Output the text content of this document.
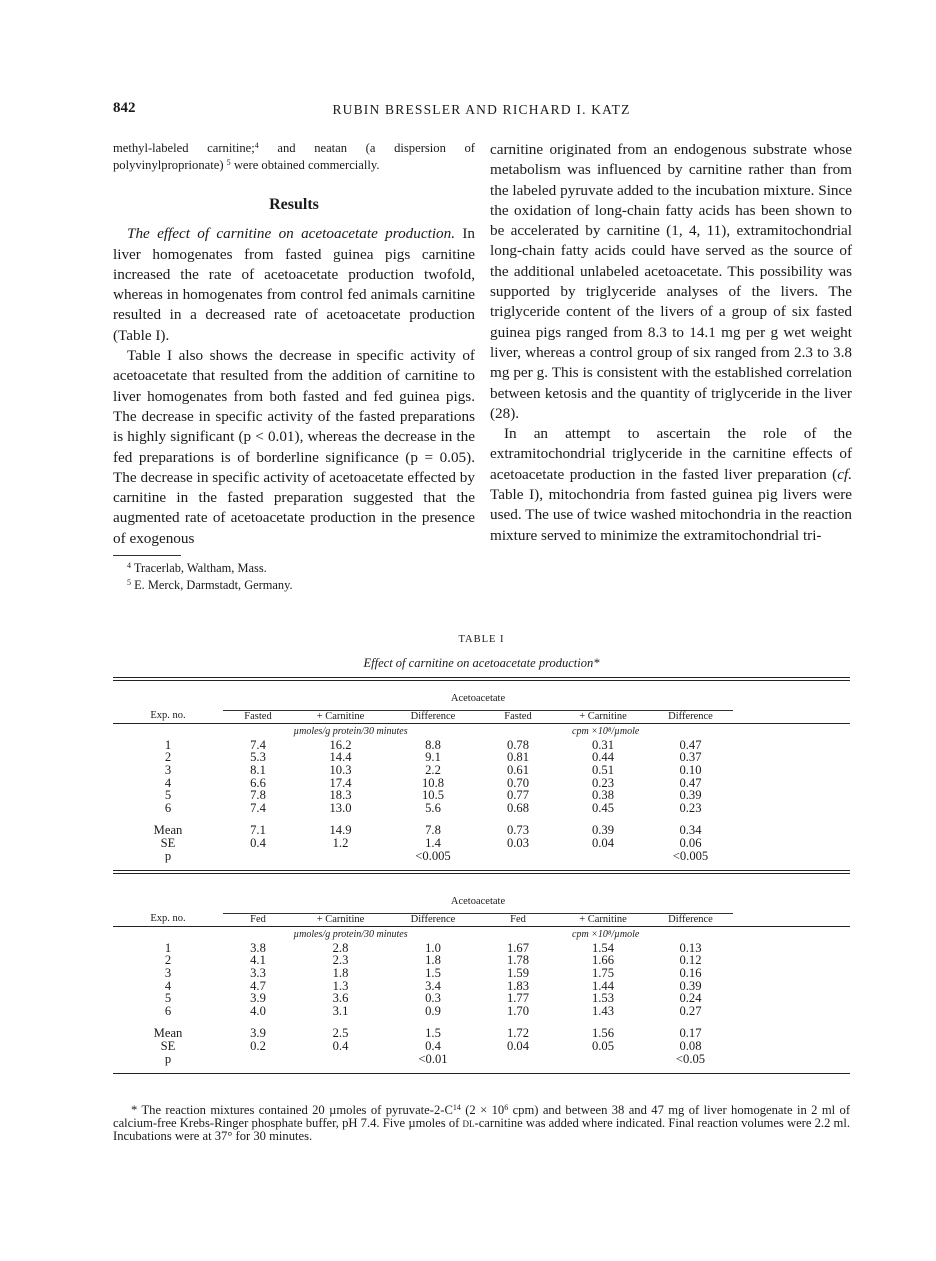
842	RUBIN BRESSLER AND RICHARD I. KATZ

methyl-labeled carnitine;$^4$ and neatan (a dispersion of polyvinylproprionate) $^5$ were obtained commercially.

Results

The effect of carnitine on acetoacetate production. In liver homogenates from fasted guinea pigs carnitine increased the rate of acetoacetate production twofold, whereas in homogenates from control fed animals carnitine resulted in a decreased rate of acetoacetate production (Table I).

Table I also shows the decrease in specific activity of acetoacetate that resulted from the addition of carnitine to liver homogenates from both fasted and fed guinea pigs. The decrease in specific activity of the fasted preparations is highly significant (p < 0.01), whereas the decrease in the fed preparations is of borderline significance (p = 0.05). The decrease in specific activity of acetoacetate effected by carnitine in the fasted preparation suggested that the augmented rate of acetoacetate production in the presence of exogenous

$^4$ Tracerlab, Waltham, Mass.
$^5$ E. Merck, Darmstadt, Germany.

carnitine originated from an endogenous substrate whose metabolism was influenced by carnitine rather than from the labeled pyruvate added to the incubation mixture. Since the oxidation of long-chain fatty acids has been shown to be accelerated by carnitine (1, 4, 11), extramitochondrial long-chain fatty acids could have served as the source of the additional unlabeled acetoacetate. This possibility was supported by triglyceride analyses of the livers. The triglyceride content of the livers of a group of six fasted guinea pigs ranged from 8.3 to 14.1 mg per g wet weight liver, whereas a control group of six ranged from 2.3 to 3.8 mg per g. This is consistent with the established correlation between ketosis and the quantity of triglyceride in the liver (28).

In an attempt to ascertain the role of the extramitochondrial triglyceride in the carnitine effects of acetoacetate production in the fasted liver preparation (cf. Table I), mitochondria from fasted guinea pig livers were used. The use of twice washed mitochondria in the reaction mixture served to minimize the extramitochondrial tri-

TABLE I
Effect of carnitine on acetoacetate production*
	Acetoacetate						
Exp. no.	Fasted	+ Carnitine	Difference	Fasted	+ Carnitine	Difference	
	µmoles/g protein/30 minutes				cpm ×10⁸/µmole		
1	7.4	16.2	8.8	0.78	0.31	0.47	
2	5.3	14.4	9.1	0.81	0.44	0.37	
3	8.1	10.3	2.2	0.61	0.51	0.10	
4	6.6	17.4	10.8	0.70	0.23	0.47	
5	7.8	18.3	10.5	0.77	0.38	0.39	
6	7.4	13.0	5.6	0.68	0.45	0.23	

Mean	7.1	14.9	7.8	0.73	0.39	0.34	
SE	0.4	1.2	1.4	0.03	0.04	0.06	
p			<0.005			<0.005	
	Acetoacetate						
Exp. no.	Fed	+ Carnitine	Difference	Fed	+ Carnitine	Difference	
	µmoles/g protein/30 minutes				cpm ×10⁸/µmole		
1	3.8	2.8	1.0	1.67	1.54	0.13	
2	4.1	2.3	1.8	1.78	1.66	0.12	
3	3.3	1.8	1.5	1.59	1.75	0.16	
4	4.7	1.3	3.4	1.83	1.44	0.39	
5	3.9	3.6	0.3	1.77	1.53	0.24	
6	4.0	3.1	0.9	1.70	1.43	0.27	

Mean	3.9	2.5	1.5	1.72	1.56	0.17	
SE	0.2	0.4	0.4	0.04	0.05	0.08	
p			<0.01			<0.05	

* The reaction mixtures contained 20 µmoles of pyruvate-$2-C^{14}$ ($2 \times 10^6$ cpm) and between 38 and 47 mg of liver homogenate in 2 ml of calcium-free Krebs-Ringer phosphate buffer, pH 7.4. Five µmoles of dl-carnitine was added where indicated. Final reaction volumes were 2.2 ml. Incubations were at 37° for 30 minutes.
